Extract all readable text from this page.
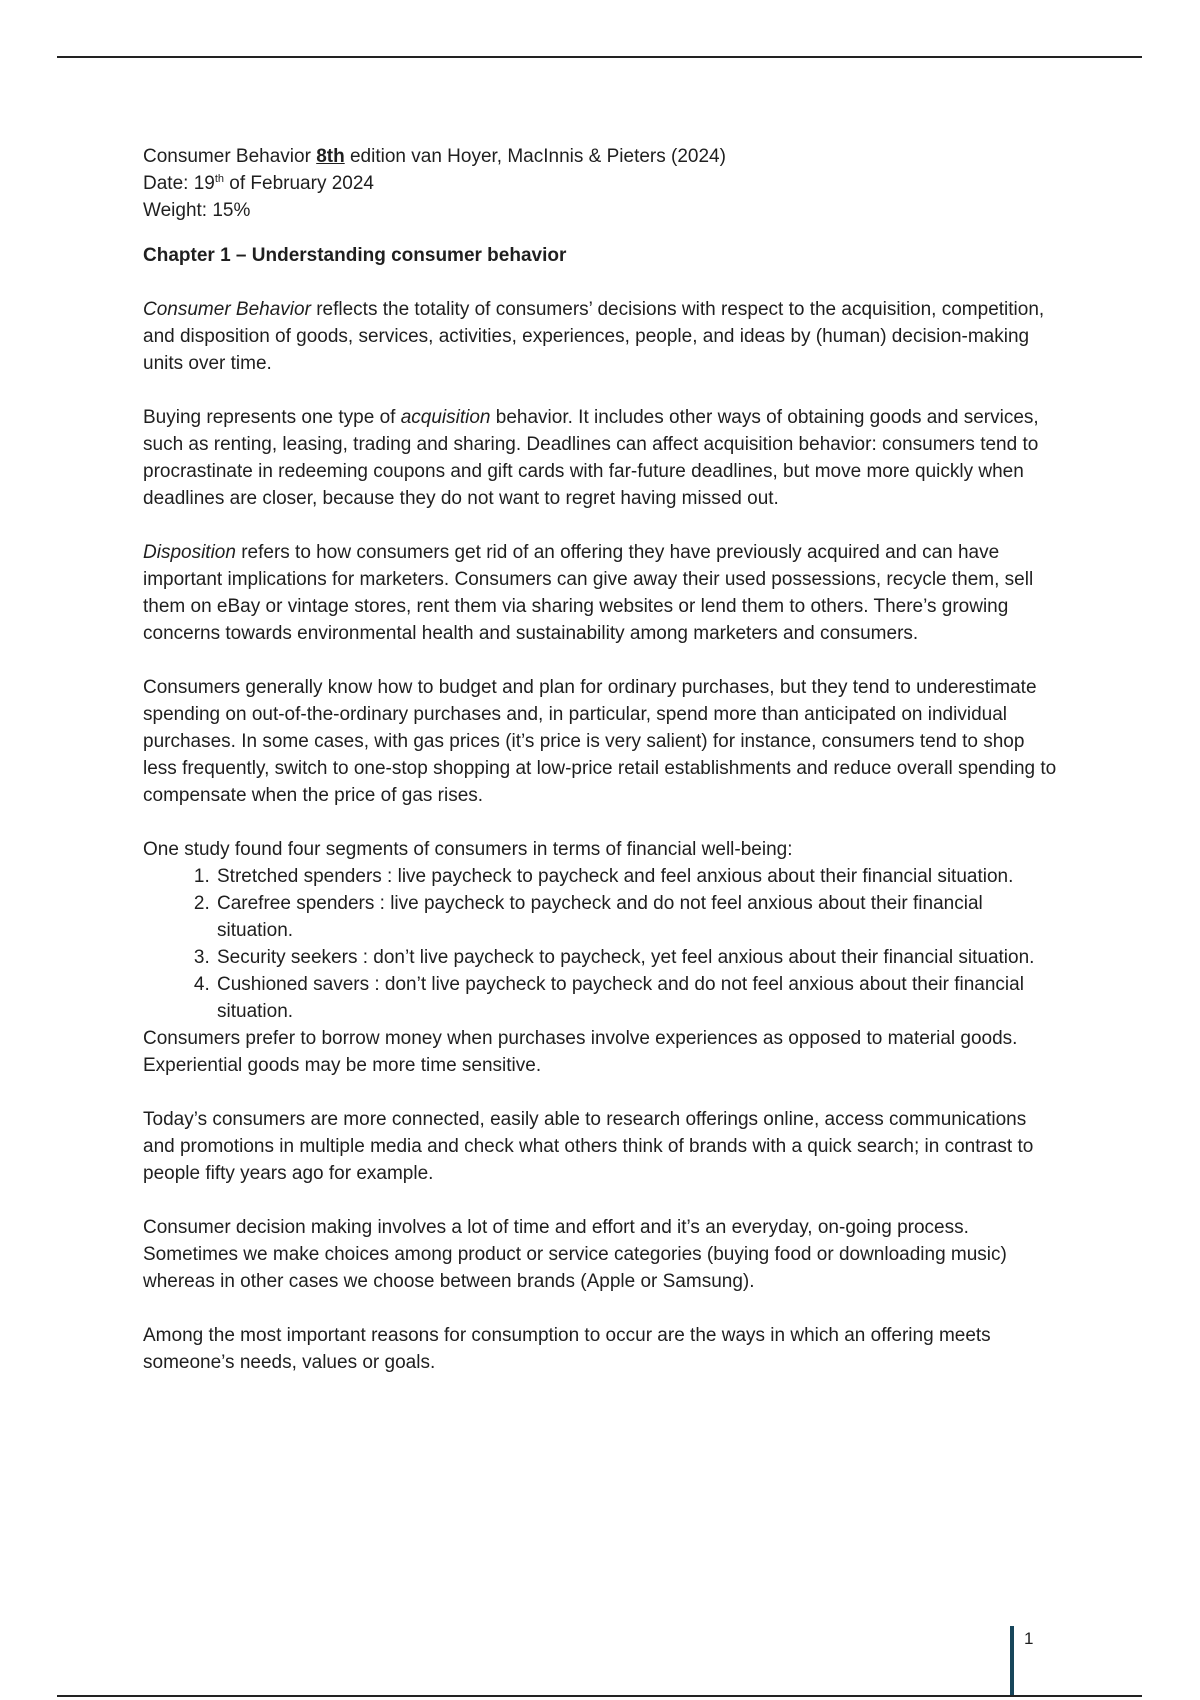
Consumer Behavior 8th edition van Hoyer, MacInnis & Pieters (2024)
Date: 19th of February 2024
Weight: 15%
Chapter 1 – Understanding consumer behavior

Consumer Behavior reflects the totality of consumers’ decisions with respect to the acquisition, competition, and disposition of goods, services, activities, experiences, people, and ideas by (human) decision-making units over time.

Buying represents one type of acquisition behavior. It includes other ways of obtaining goods and services, such as renting, leasing, trading and sharing. Deadlines can affect acquisition behavior: consumers tend to procrastinate in redeeming coupons and gift cards with far-future deadlines, but move more quickly when deadlines are closer, because they do not want to regret having missed out.

Disposition refers to how consumers get rid of an offering they have previously acquired and can have important implications for marketers. Consumers can give away their used possessions, recycle them, sell them on eBay or vintage stores, rent them via sharing websites or lend them to others. There’s growing concerns towards environmental health and sustainability among marketers and consumers.

Consumers generally know how to budget and plan for ordinary purchases, but they tend to underestimate spending on out-of-the-ordinary purchases and, in particular, spend more than anticipated on individual purchases. In some cases, with gas prices (it’s price is very salient) for instance, consumers tend to shop less frequently, switch to one-stop shopping at low-price retail establishments and reduce overall spending to compensate when the price of gas rises.

One study found four segments of consumers in terms of financial well-being:

1. Stretched spenders : live paycheck to paycheck and feel anxious about their financial situation.
2. Carefree spenders : live paycheck to paycheck and do not feel anxious about their financial situation.
3. Security seekers : don’t live paycheck to paycheck, yet feel anxious about their financial situation.
4. Cushioned savers : don’t live paycheck to paycheck and do not feel anxious about their financial situation.

Consumers prefer to borrow money when purchases involve experiences as opposed to material goods. Experiential goods may be more time sensitive.

Today’s consumers are more connected, easily able to research offerings online, access communications and promotions in multiple media and check what others think of brands with a quick search; in contrast to people fifty years ago for example.

Consumer decision making involves a lot of time and effort and it’s an everyday, on-going process. Sometimes we make choices among product or service categories (buying food or downloading music) whereas in other cases we choose between brands (Apple or Samsung).

Among the most important reasons for consumption to occur are the ways in which an offering meets someone’s needs, values or goals.

1
